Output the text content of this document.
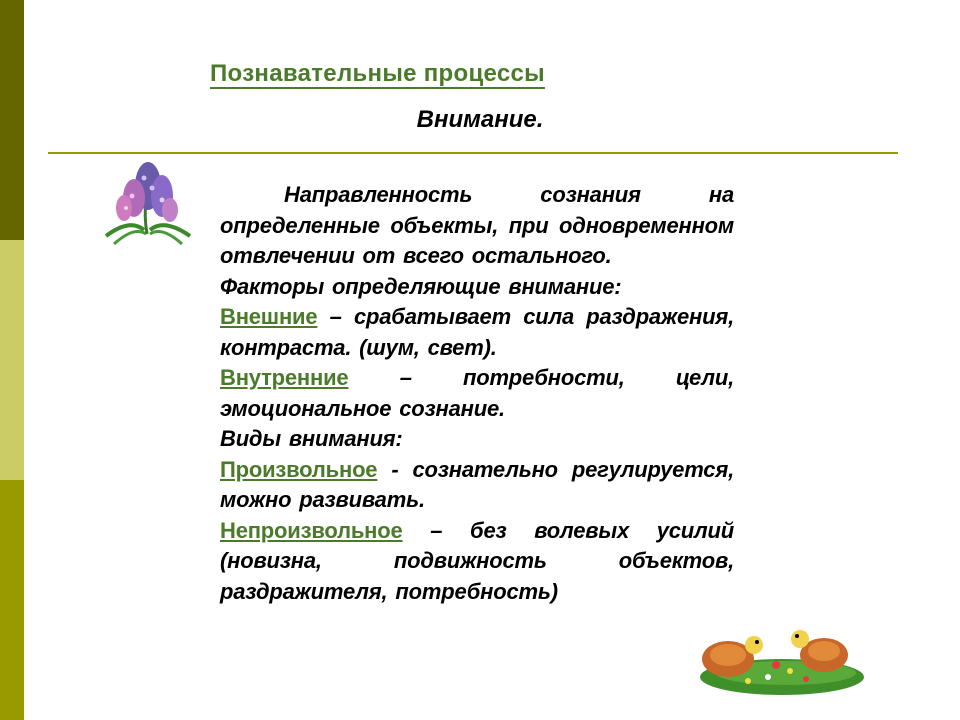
Познавательные процессы
Внимание.

Направленность сознания на определенные объекты, при одновременном отвлечении от всего остального.

Факторы определяющие внимание:

Внешние – срабатывает сила раздражения, контраста. (шум, свет).

Внутренние – потребности, цели, эмоциональное сознание.

Виды внимания:

Произвольное - сознательно регулируется, можно развивать.

Непроизвольное – без волевых усилий (новизна, подвижность объектов, раздражителя, потребность)
